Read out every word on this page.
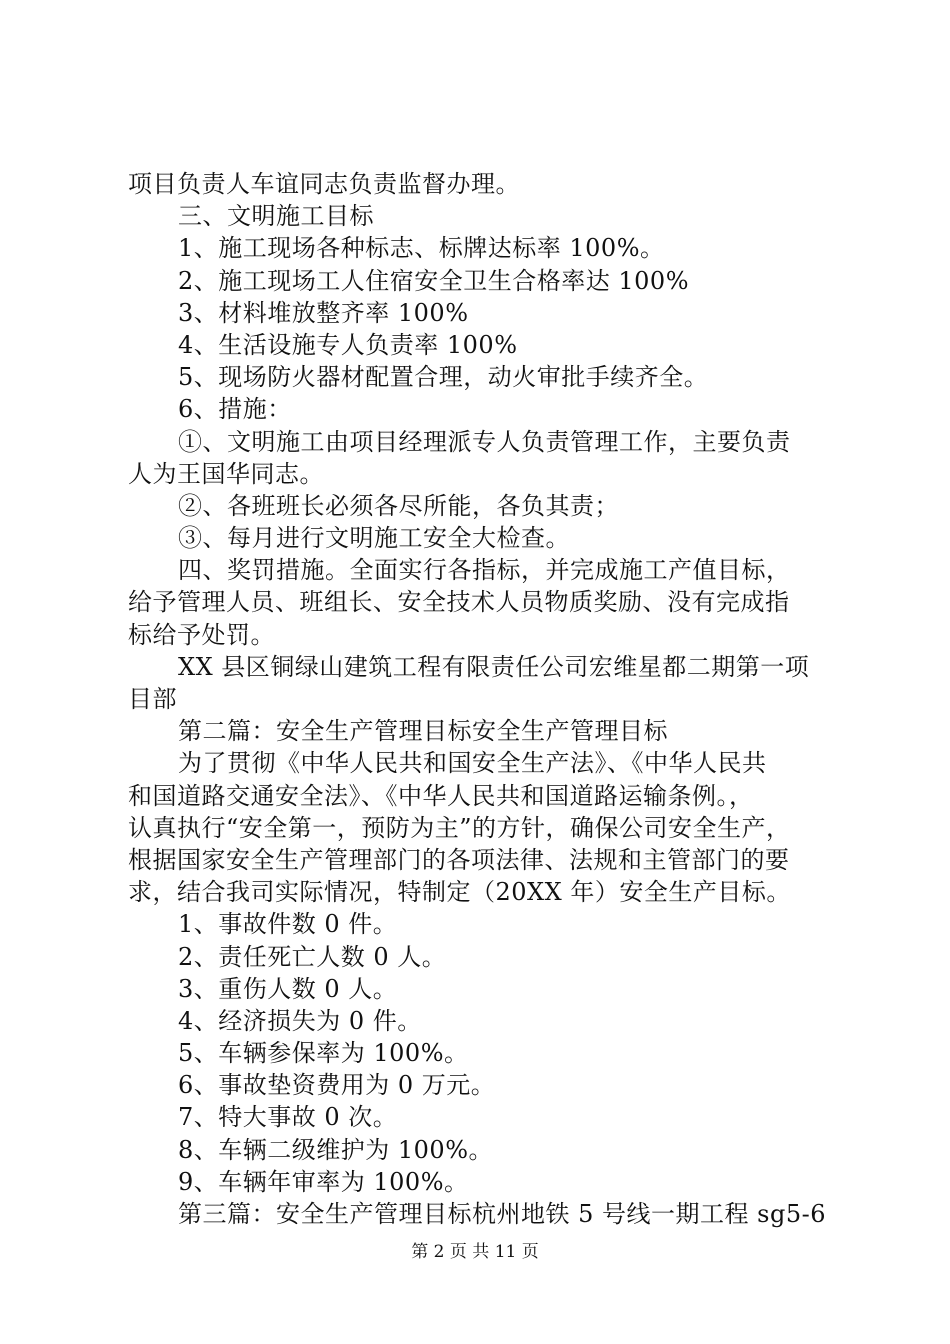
项目负责人车谊同志负责监督办理。
三、文明施工目标
1、施工现场各种标志、标牌达标率 100%。
2、施工现场工人住宿安全卫生合格率达 100%
3、材料堆放整齐率 100%
4、生活设施专人负责率 100%
5、现场防火器材配置合理，动火审批手续齐全。
6、措施：
①、文明施工由项目经理派专人负责管理工作，主要负责
人为王国华同志。
②、各班班长必须各尽所能，各负其责；
③、每月进行文明施工安全大检查。
四、奖罚措施。全面实行各指标，并完成施工产值目标，
给予管理人员、班组长、安全技术人员物质奖励、没有完成指
标给予处罚。
XX 县区铜绿山建筑工程有限责任公司宏维星都二期第一项
目部
第二篇：安全生产管理目标安全生产管理目标
为了贯彻《中华人民共和国安全生产法》、《中华人民共
和国道路交通安全法》、《中华人民共和国道路运输条例。，
认真执行“安全第一，预防为主”的方针，确保公司安全生产，
根据国家安全生产管理部门的各项法律、法规和主管部门的要
求，结合我司实际情况，特制定（20XX 年）安全生产目标。
1、事故件数 0 件。
2、责任死亡人数 0 人。
3、重伤人数 0 人。
4、经济损失为 0 件。
5、车辆参保率为 100%。
6、事故垫资费用为 0 万元。
7、特大事故 0 次。
8、车辆二级维护为 100%。
9、车辆年审率为 100%。
第三篇：安全生产管理目标杭州地铁 5 号线一期工程 sg5-6
第 2 页 共 11 页
